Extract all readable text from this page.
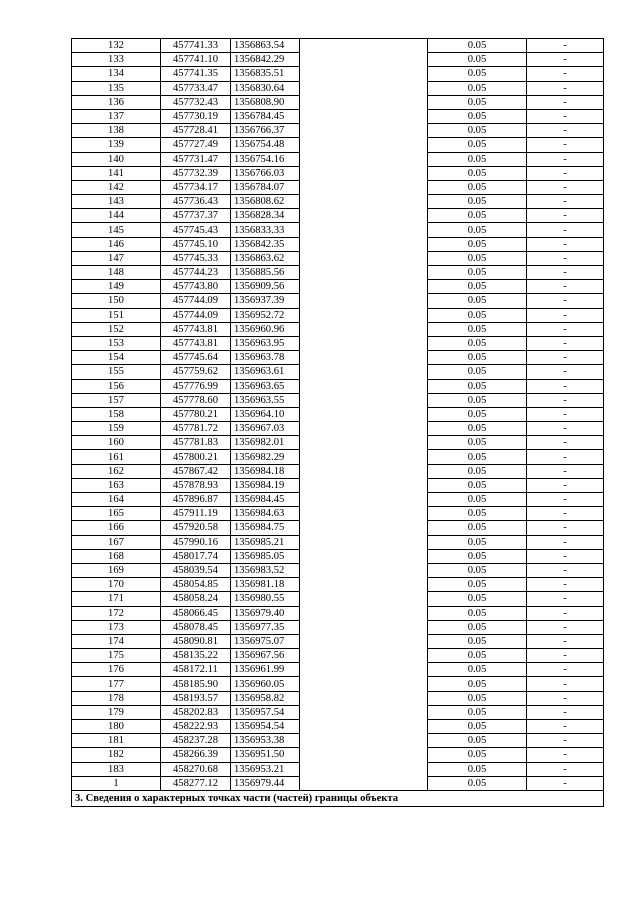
132	457741.33	1356863.54		0.05	-
133	457741.10	1356842.29		0.05	-
134	457741.35	1356835.51		0.05	-
135	457733.47	1356830.64		0.05	-
136	457732.43	1356808.90		0.05	-
137	457730.19	1356784.45		0.05	-
138	457728.41	1356766.37		0.05	-
139	457727.49	1356754.48		0.05	-
140	457731.47	1356754.16		0.05	-
141	457732.39	1356766.03		0.05	-
142	457734.17	1356784.07		0.05	-
143	457736.43	1356808.62		0.05	-
144	457737.37	1356828.34		0.05	-
145	457745.43	1356833.33		0.05	-
146	457745.10	1356842.35		0.05	-
147	457745.33	1356863.62		0.05	-
148	457744.23	1356885.56		0.05	-
149	457743.80	1356909.56		0.05	-
150	457744.09	1356937.39		0.05	-
151	457744.09	1356952.72		0.05	-
152	457743.81	1356960.96		0.05	-
153	457743.81	1356963.95		0.05	-
154	457745.64	1356963.78		0.05	-
155	457759.62	1356963.61		0.05	-
156	457776.99	1356963.65		0.05	-
157	457778.60	1356963.55		0.05	-
158	457780.21	1356964.10		0.05	-
159	457781.72	1356967.03		0.05	-
160	457781.83	1356982.01		0.05	-
161	457800.21	1356982.29		0.05	-
162	457867.42	1356984.18		0.05	-
163	457878.93	1356984.19		0.05	-
164	457896.87	1356984.45		0.05	-
165	457911.19	1356984.63		0.05	-
166	457920.58	1356984.75		0.05	-
167	457990.16	1356985.21		0.05	-
168	458017.74	1356985.05		0.05	-
169	458039.54	1356983.52		0.05	-
170	458054.85	1356981.18		0.05	-
171	458058.24	1356980.55		0.05	-
172	458066.45	1356979.40		0.05	-
173	458078.45	1356977.35		0.05	-
174	458090.81	1356975.07		0.05	-
175	458135.22	1356967.56		0.05	-
176	458172.11	1356961.99		0.05	-
177	458185.90	1356960.05		0.05	-
178	458193.57	1356958.82		0.05	-
179	458202.83	1356957.54		0.05	-
180	458222.93	1356954.54		0.05	-
181	458237.28	1356953.38		0.05	-
182	458266.39	1356951.50		0.05	-
183	458270.68	1356953.21		0.05	-
1	458277.12	1356979.44		0.05	-
3. Сведения о характерных точках части (частей) границы объекта					
